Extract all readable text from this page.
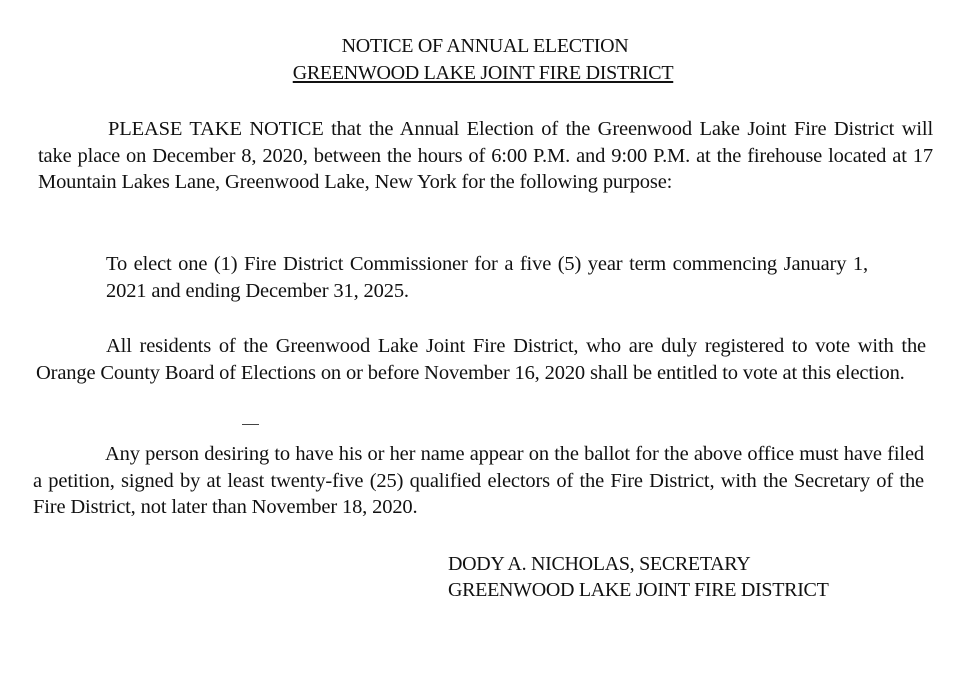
NOTICE OF ANNUAL ELECTION
GREENWOOD LAKE JOINT FIRE DISTRICT
PLEASE TAKE NOTICE that the Annual Election of the Greenwood Lake Joint Fire District will take place on December 8, 2020, between the hours of 6:00 P.M. and 9:00 P.M. at the firehouse located at 17 Mountain Lakes Lane, Greenwood Lake, New York for the following purpose:
To elect one (1) Fire District Commissioner for a five (5) year term commencing January 1, 2021 and ending December 31, 2025.
All residents of the Greenwood Lake Joint Fire District, who are duly registered to vote with the Orange County Board of Elections on or before November 16, 2020 shall be entitled to vote at this election.
Any person desiring to have his or her name appear on the ballot for the above office must have filed a petition, signed by at least twenty-five (25) qualified electors of the Fire District, with the Secretary of the Fire District, not later than November 18, 2020.
DODY A. NICHOLAS, SECRETARY
GREENWOOD LAKE JOINT FIRE DISTRICT
